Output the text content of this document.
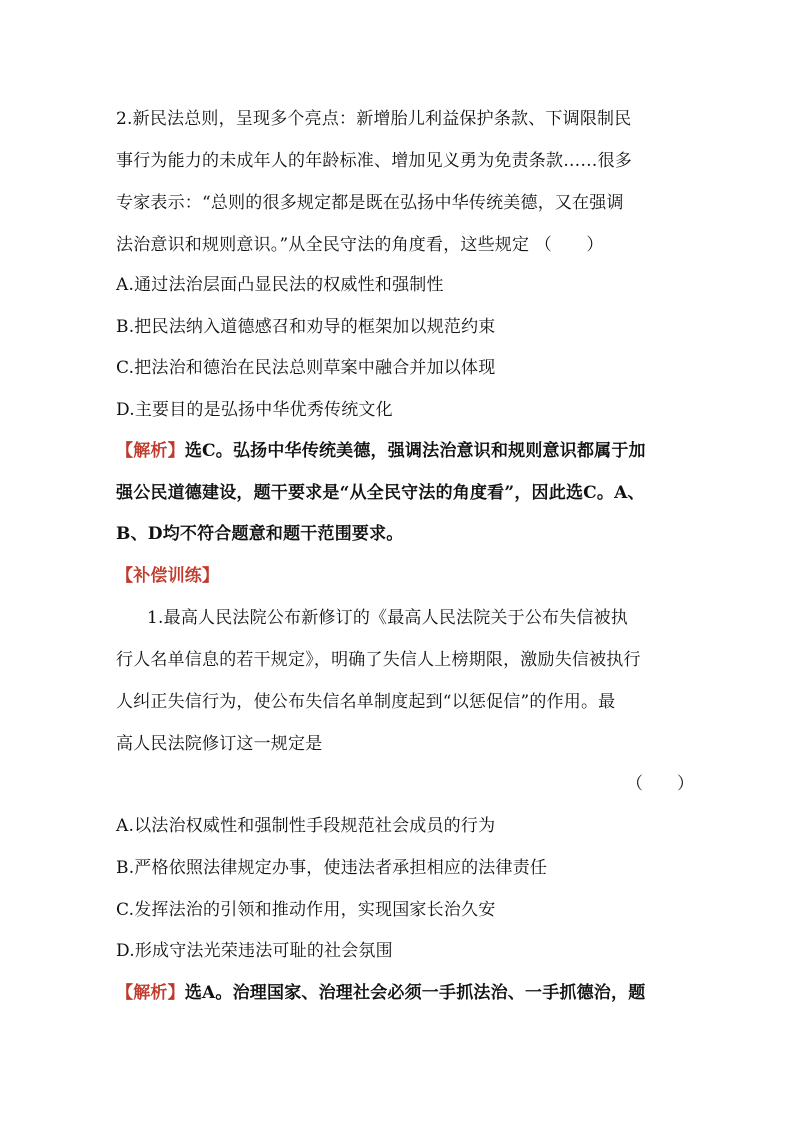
2.新民法总则，呈现多个亮点：新增胎儿利益保护条款、下调限制民
事行为能力的未成年人的年龄标准、增加见义勇为免责条款……很多
专家表示：“总则的很多规定都是既在弘扬中华传统美德，又在强调
法治意识和规则意识。”从全民守法的角度看，这些规定 （　　）
A.通过法治层面凸显民法的权威性和强制性
B.把民法纳入道德感召和劝导的框架加以规范约束
C.把法治和德治在民法总则草案中融合并加以体现
D.主要目的是弘扬中华优秀传统文化
【解析】选C。弘扬中华传统美德，强调法治意识和规则意识都属于加
强公民道德建设，题干要求是“从全民守法的角度看”，因此选C。A、
B、D均不符合题意和题干范围要求。
【补偿训练】
1.最高人民法院公布新修订的《最高人民法院关于公布失信被执
行人名单信息的若干规定》，明确了失信人上榜期限，激励失信被执行
人纠正失信行为，使公布失信名单制度起到“以惩促信”的作用。最
高人民法院修订这一规定是
（　　）
A.以法治权威性和强制性手段规范社会成员的行为
B.严格依照法律规定办事，使违法者承担相应的法律责任
C.发挥法治的引领和推动作用，实现国家长治久安
D.形成守法光荣违法可耻的社会氛围
【解析】选A。治理国家、治理社会必须一手抓法治、一手抓德治，题
